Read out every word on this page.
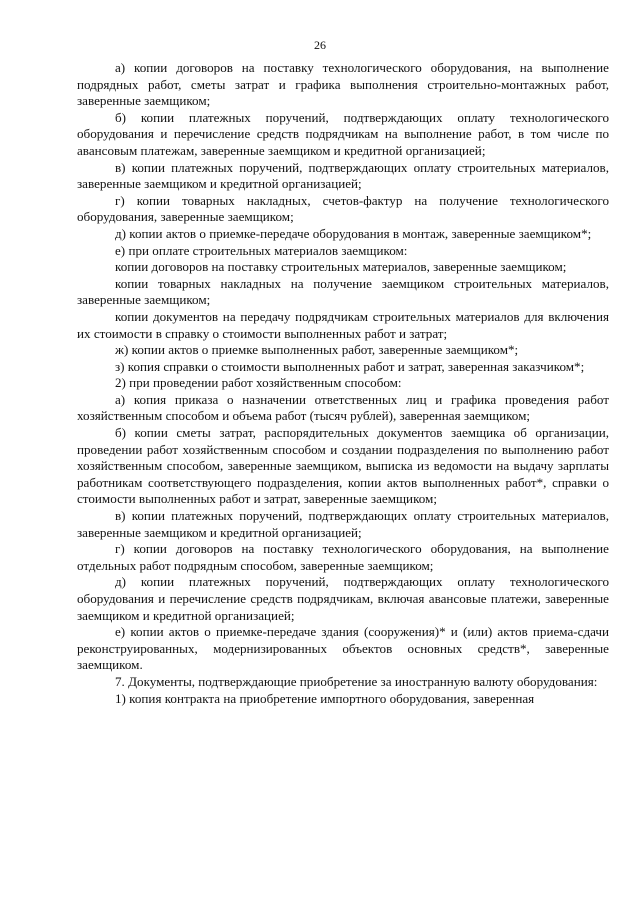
26

а) копии договоров на поставку технологического оборудования, на выполнение подрядных работ, сметы затрат и графика выполнения строительно-монтажных работ, заверенные заемщиком;

б) копии платежных поручений, подтверждающих оплату технологического оборудования и перечисление средств подрядчикам на выполнение работ, в том числе по авансовым платежам, заверенные заемщиком и кредитной организацией;

в) копии платежных поручений, подтверждающих оплату строительных материалов, заверенные заемщиком и кредитной организацией;

г) копии товарных накладных, счетов-фактур на получение технологического оборудования, заверенные заемщиком;

д) копии актов о приемке-передаче оборудования в монтаж, заверенные заемщиком*;

е) при оплате строительных материалов заемщиком:

копии договоров на поставку строительных материалов, заверенные заемщиком;

копии товарных накладных на получение заемщиком строительных материалов, заверенные заемщиком;

копии документов на передачу подрядчикам строительных материалов для включения их стоимости в справку о стоимости выполненных работ и затрат;

ж) копии актов о приемке выполненных работ, заверенные заемщиком*;

з) копия справки о стоимости выполненных работ и затрат, заверенная заказчиком*;

2) при проведении работ хозяйственным способом:

а) копия приказа о назначении ответственных лиц и графика проведения работ хозяйственным способом и объема работ (тысяч рублей), заверенная заемщиком;

б) копии сметы затрат, распорядительных документов заемщика об организации, проведении работ хозяйственным способом и создании подразделения по выполнению работ хозяйственным способом, заверенные заемщиком, выписка из ведомости на выдачу зарплаты работникам соответствующего подразделения, копии актов выполненных работ*, справки о стоимости выполненных работ и затрат, заверенные заемщиком;

в) копии платежных поручений, подтверждающих оплату строительных материалов, заверенные заемщиком и кредитной организацией;

г) копии договоров на поставку технологического оборудования, на выполнение отдельных работ подрядным способом, заверенные заемщиком;

д) копии платежных поручений, подтверждающих оплату технологического оборудования и перечисление средств подрядчикам, включая авансовые платежи, заверенные заемщиком и кредитной организацией;

е) копии актов о приемке-передаче здания (сооружения)* и (или) актов приема-сдачи реконструированных, модернизированных объектов основных средств*, заверенные заемщиком.

7. Документы, подтверждающие приобретение за иностранную валюту оборудования:

1) копия контракта на приобретение импортного оборудования, заверенная
